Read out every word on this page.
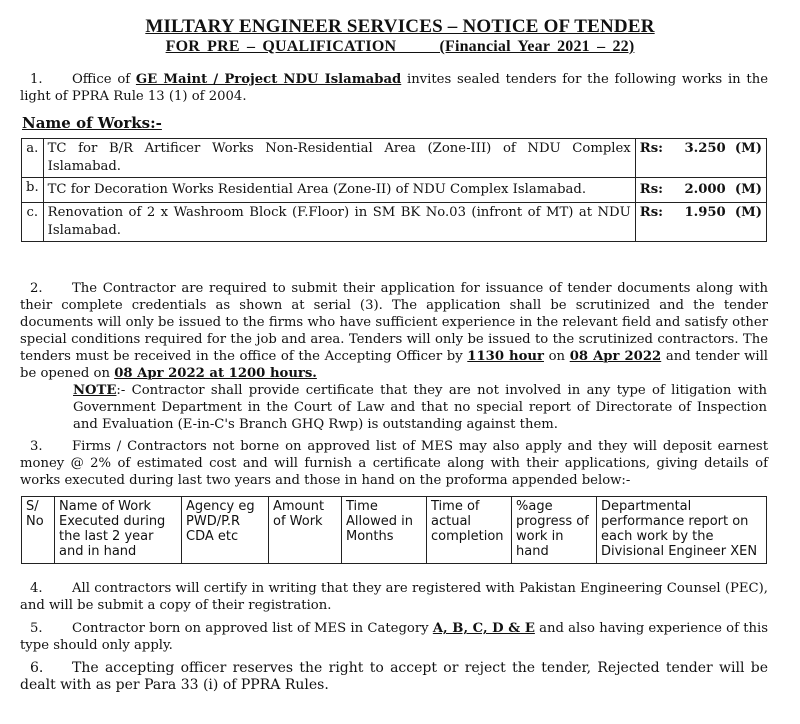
MILTARY ENGINEER SERVICES – NOTICE OF TENDER
FOR PRE – QUALIFICATION      (Financial Year 2021 – 22)
1. Office of GE Maint / Project NDU Islamabad invites sealed tenders for the following works in the light of PPRA Rule 13 (1) of 2004.
Name of Works:-
a.	TC for B/R Artificer Works Non-Residential Area (Zone-III) of NDU Complex Islamabad.	Rs: 3.250 (M)
b.	TC for Decoration Works Residential Area (Zone-II) of NDU Complex Islamabad.	Rs: 2.000 (M)
c.	Renovation of 2 x Washroom Block (F.Floor) in SM BK No.03 (infront of MT) at NDU Islamabad.	Rs: 1.950 (M)
2. The Contractor are required to submit their application for issuance of tender documents along with their complete credentials as shown at serial (3). The application shall be scrutinized and the tender documents will only be issued to the firms who have sufficient experience in the relevant field and satisfy other special conditions required for the job and area. Tenders will only be issued to the scrutinized contractors. The tenders must be received in the office of the Accepting Officer by 1130 hour on 08 Apr 2022 and tender will be opened on 08 Apr 2022 at 1200 hours.
NOTE:- Contractor shall provide certificate that they are not involved in any type of litigation with Government Department in the Court of Law and that no special report of Directorate of Inspection and Evaluation (E-in-C's Branch GHQ Rwp) is outstanding against them.
3. Firms / Contractors not borne on approved list of MES may also apply and they will deposit earnest money @ 2% of estimated cost and will furnish a certificate along with their applications, giving details of works executed during last two years and those in hand on the proforma appended below:-
S/ No	Name of Work Executed during the last 2 year and in hand	Agency eg PWD/P.R CDA etc	Amount of Work	Time Allowed in Months	Time of actual completion	%age progress of work in hand	Departmental performance report on each work by the Divisional Engineer XEN
4. All contractors will certify in writing that they are registered with Pakistan Engineering Counsel (PEC), and will be submit a copy of their registration.
5. Contractor born on approved list of MES in Category A, B, C, D & E and also having experience of this type should only apply.
6. The accepting officer reserves the right to accept or reject the tender, Rejected tender will be dealt with as per Para 33 (i) of PPRA Rules.
